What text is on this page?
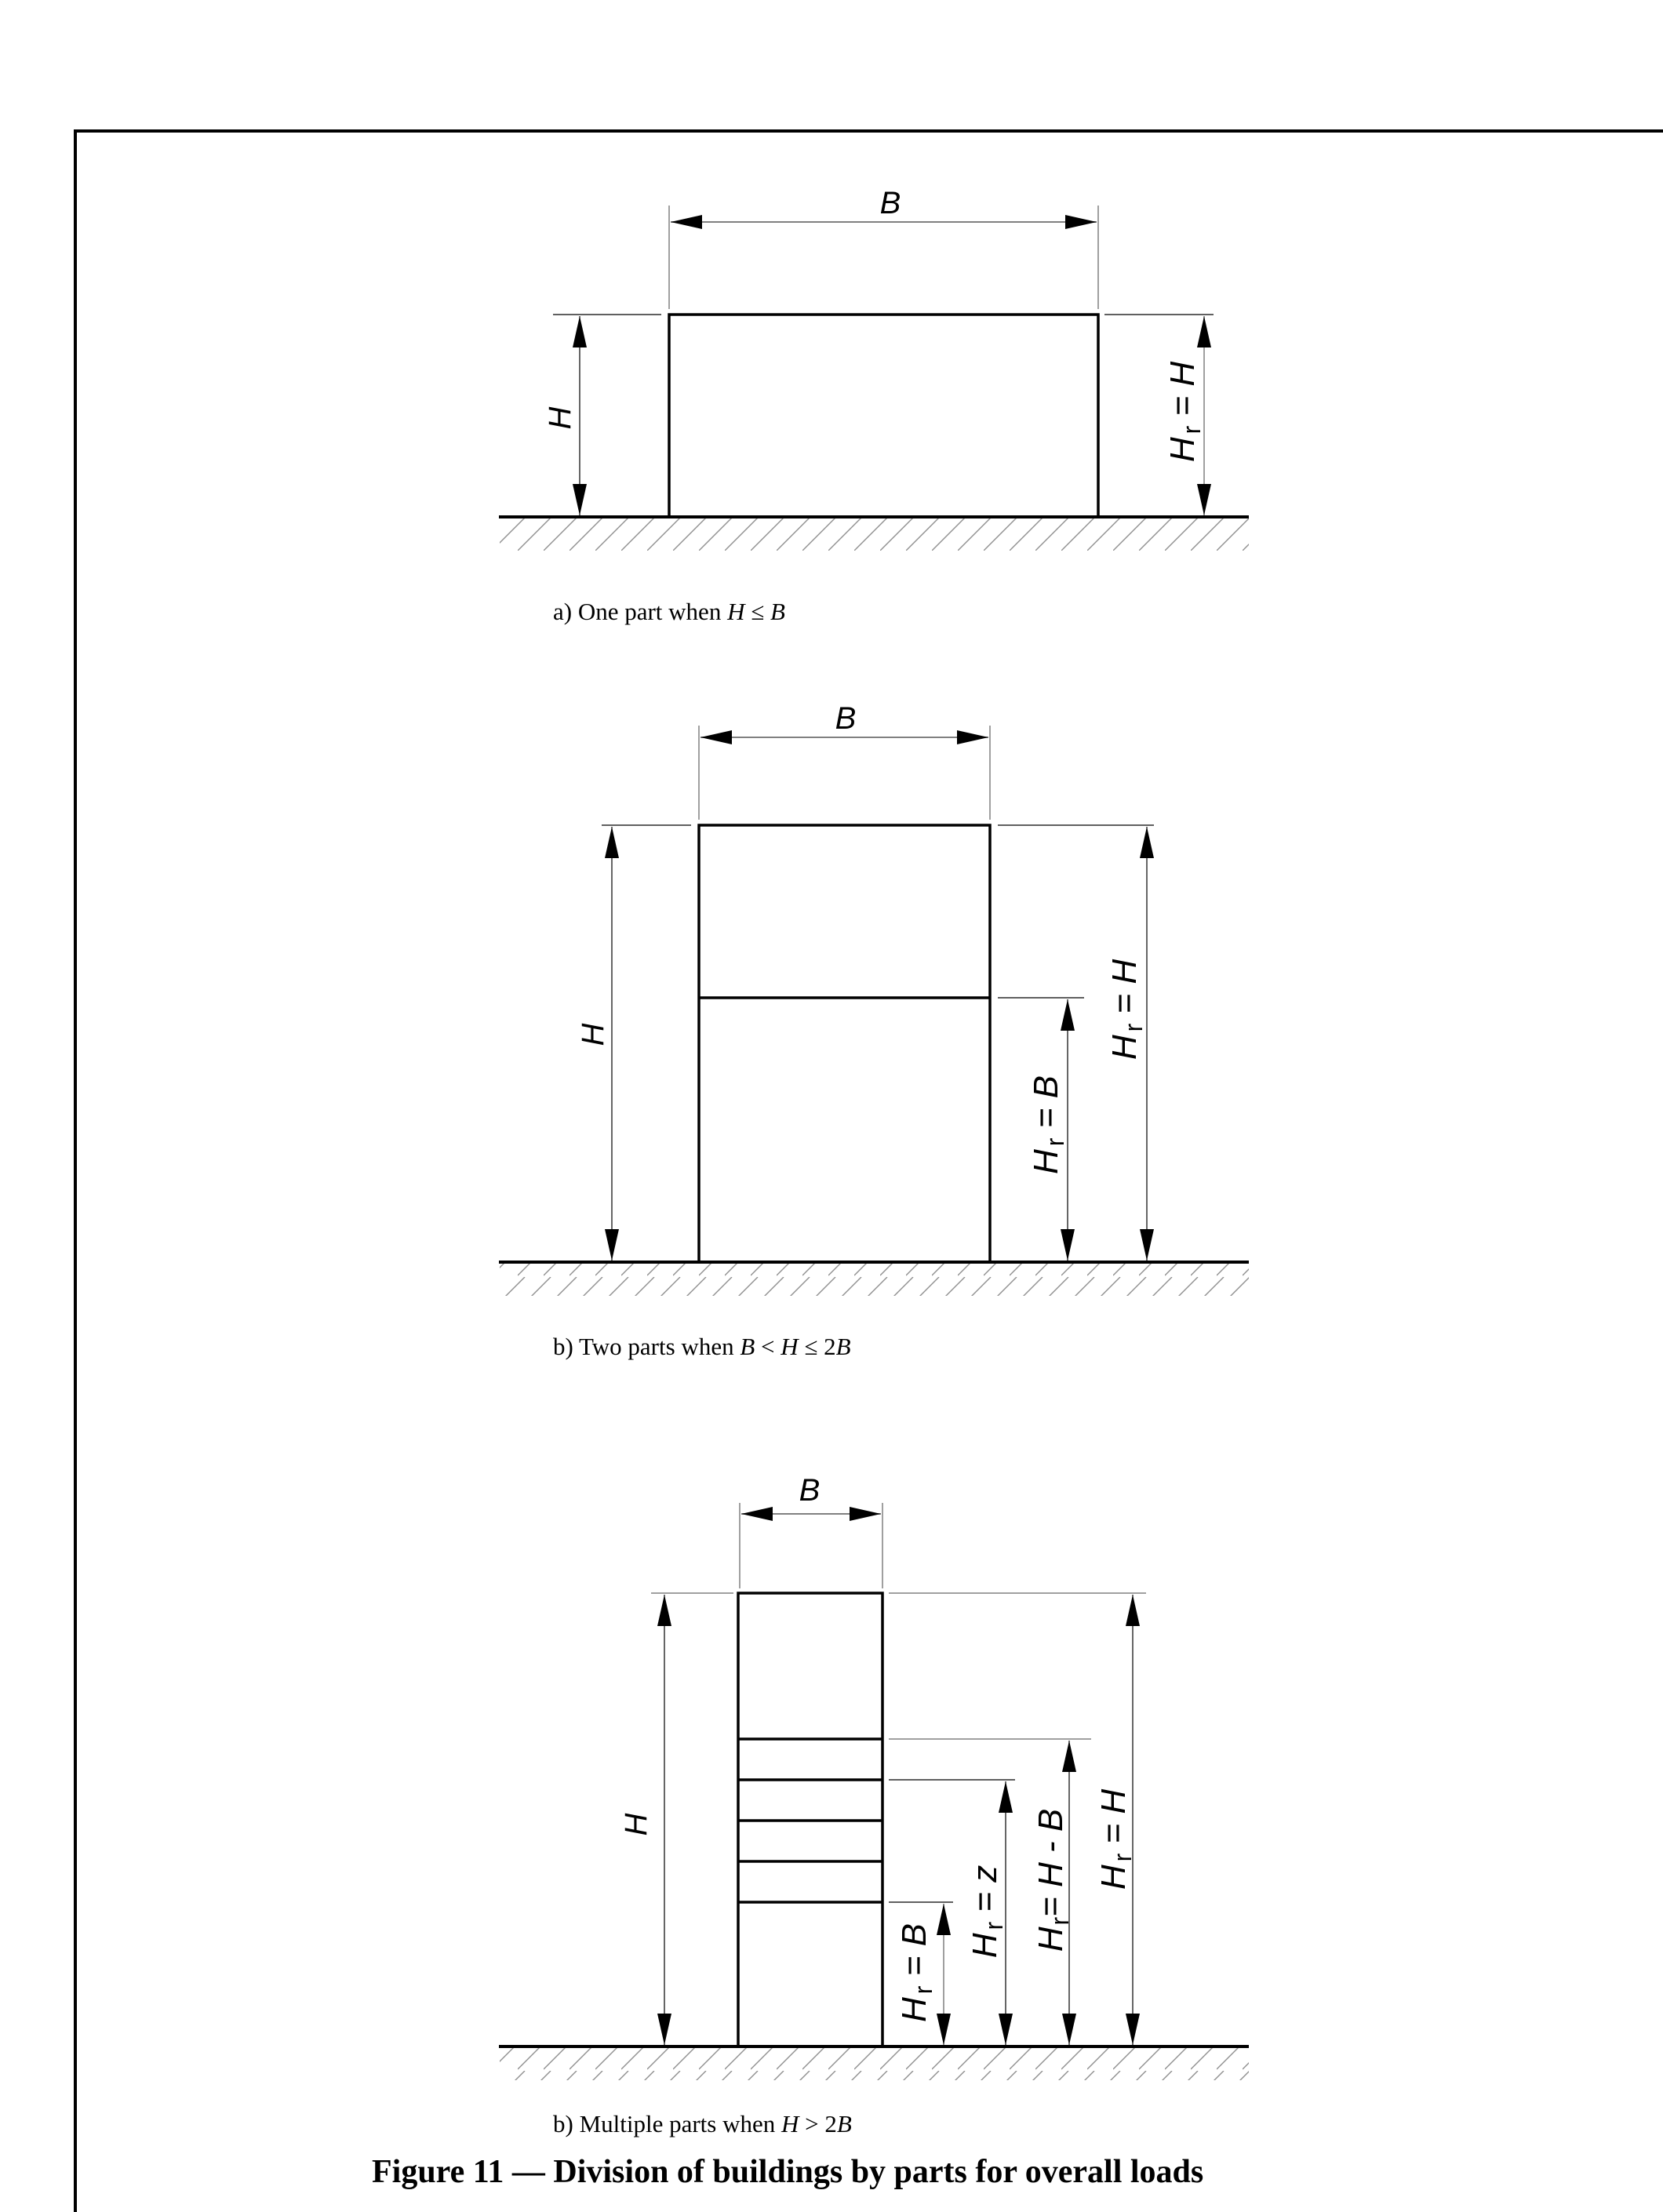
B
H
Hr = H
B
H
Hr = B
Hr = H
B
H
Hr = B Hr = z
Hr= H - B Hr = H
a) One part when H ≤ B
b) Two parts when B < H ≤ 2B
b) Multiple parts when H > 2B
Figure 11 — Division of buildings by parts for overall loads
